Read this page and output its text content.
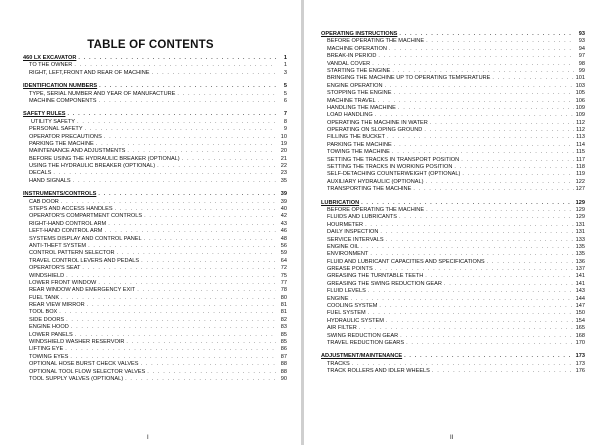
TABLE OF CONTENTS
460 LX EXCAVATOR . . .	1
TO THE OWNER . . .	1
RIGHT, LEFT,FRONT AND REAR OF MACHINE . . .	3
IDENTIFICATION NUMBERS . . .	5
TYPE, SERIAL NUMBER AND YEAR OF MANUFACTURE . . .	5
MACHINE COMPONENTS . . .	6
SAFETY RULES . . .	7
UTILITY SAFETY . . .	8
PERSONAL SAFETY . . .	9
OPERATOR PRECAUTIONS . . .	10
PARKING THE MACHINE . . .	19
MAINTENANCE AND ADJUSTMENTS . . .	20
BEFORE USING THE HYDRAULIC BREAKER (OPTIONAL) . . .	21
USING THE HYDRAULIC BREAKER (OPTIONAL) . . .	22
DECALS . . .	23
HAND SIGNALS . . .	35
INSTRUMENTS/CONTROLS . . .	39
CAB DOOR . . .	39
STEPS AND ACCESS HANDLES . . .	40
OPERATOR'S COMPARTMENT CONTROLS . . .	42
RIGHT-HAND CONTROL ARM . . .	43
LEFT-HAND CONTROL ARM . . .	46
SYSTEMS DISPLAY AND CONTROL PANEL . . .	48
ANTI-THEFT SYSTEM . . .	56
CONTROL PATTERN SELECTOR . . .	59
TRAVEL CONTROL LEVERS AND PEDALS . . .	64
OPERATOR'S SEAT . . .	72
WINDSHIELD . . .	75
LOWER FRONT WINDOW . . .	77
REAR WINDOW AND EMERGENCY EXIT . . .	78
FUEL TANK . . .	80
REAR VIEW MIRROR . . .	81
TOOL BOX . . .	81
SIDE DOORS . . .	82
ENGINE HOOD . . .	83
LOWER PANELS . . .	85
WINDSHIELD WASHER RESERVOIR . . .	85
LIFTING EYE . . .	86
TOWING EYES . . .	87
OPTIONAL HOSE BURST CHECK VALVES . . .	88
OPTIONAL TOOL FLOW SELECTOR VALVES . . .	88
TOOL SUPPLY VALVES (OPTIONAL) . . .	90
I
OPERATING INSTRUCTIONS . . .	93
BEFORE OPERATING THE MACHINE . . .	93
MACHINE OPERATION . . .	94
BREAK-IN PERIOD . . .	97
VANDAL COVER . . .	98
STARTING THE ENGINE . . .	99
BRINGING THE MACHINE UP TO OPERATING TEMPERATURE . . .	101
ENGINE OPERATION . . .	103
STOPPING THE ENGINE . . .	105
MACHINE TRAVEL . . .	106
HANDLING THE MACHINE . . .	109
LOAD HANDLING . . .	109
OPERATING THE MACHINE IN WATER . . .	112
OPERATING ON SLOPING GROUND . . .	112
FILLING THE BUCKET . . .	113
PARKING THE MACHINE . . .	114
TOWING THE MACHINE . . .	115
SETTING THE TRACKS IN TRANSPORT POSITION . . .	117
SETTING THE TRACKS IN WORKING POSITION . . .	118
SELF-DETACHING COUNTERWEIGHT (OPTIONAL) . . .	119
AUXILIARY HYDRAULIC (OPTIONAL) . . .	122
TRANSPORTING THE MACHINE . . .	127
LUBRICATION . . .	129
BEFORE OPERATING THE MACHINE . . .	129
FLUIDS AND LUBRICANTS . . .	129
HOURMETER . . .	131
DAILY INSPECTION . . .	131
SERVICE INTERVALS . . .	133
ENGINE OIL . . .	135
ENVIRONMENT . . .	135
FLUID AND LUBRICANT CAPACITIES AND SPECIFICATIONS . . .	136
GREASE POINTS . . .	137
GREASING THE TURNTABLE TEETH . . .	141
GREASING THE SWING REDUCTION GEAR . . .	141
FLUID LEVELS . . .	143
ENGINE . . .	144
COOLING SYSTEM . . .	147
FUEL SYSTEM . . .	150
HYDRAULIC SYSTEM . . .	154
AIR FILTER . . .	165
SWING REDUCTION GEAR . . .	168
TRAVEL REDUCTION GEARS . . .	170
ADJUSTMENT/MAINTENANCE . . .	173
TRACKS . . .	173
TRACK ROLLERS AND IDLER WHEELS . . .	176
II
